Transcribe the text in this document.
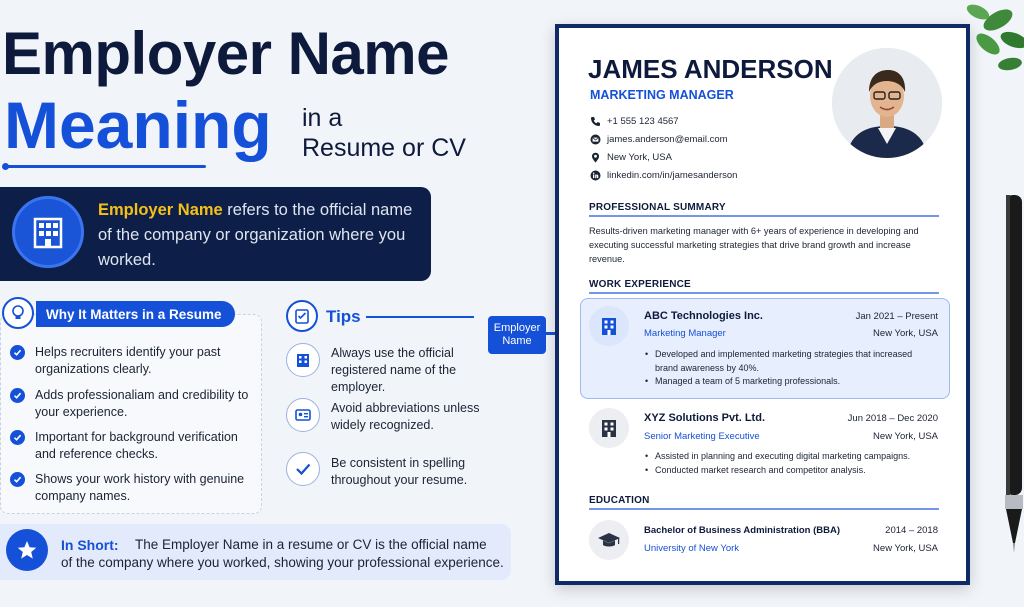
Employer Name
Meaning in a
Resume or CV
Employer Name refers to the official name of the company or organization where you worked.
Why It Matters in a Resume
Helps recruiters identify your past organizations clearly.
Adds professionaliam and credibility to your experience.
Important for background verification and reference checks.
Shows your work history with genuine company names.
Tips
Always use the official registered name of the employer.
Avoid abbreviations unless widely recognized.
Be consistent in spelling throughout your resume.
In Short: The Employer Name in a resume or CV is the official name
of the company where you worked, showing your professional experience.
Employer
Name
JAMES ANDERSON
MARKETING MANAGER
+1 555 123 4567
james.anderson@email.com
New York, USA
linkedin.com/in/jamesanderson
PROFESSIONAL SUMMARY
Results-driven marketing manager with 6+ years of experience in developing and executing successful marketing strategies that drive brand growth and increase revenue.
WORK EXPERIENCE
ABC Technologies Inc.	Jan 2021 – Present
Marketing Manager	New York, USA
• Developed and implemented marketing strategies that increased brand awareness by 40%.
• Managed a team of 5 marketing professionals.
XYZ Solutions Pvt. Ltd.	Jun 2018 – Dec 2020
Senior Marketing Executive	New York, USA
• Assisted in planning and executing digital marketing campaigns.
• Conducted market research and competitor analysis.
EDUCATION
Bachelor of Business Administration (BBA)	2014 – 2018
University of New York	New York, USA
